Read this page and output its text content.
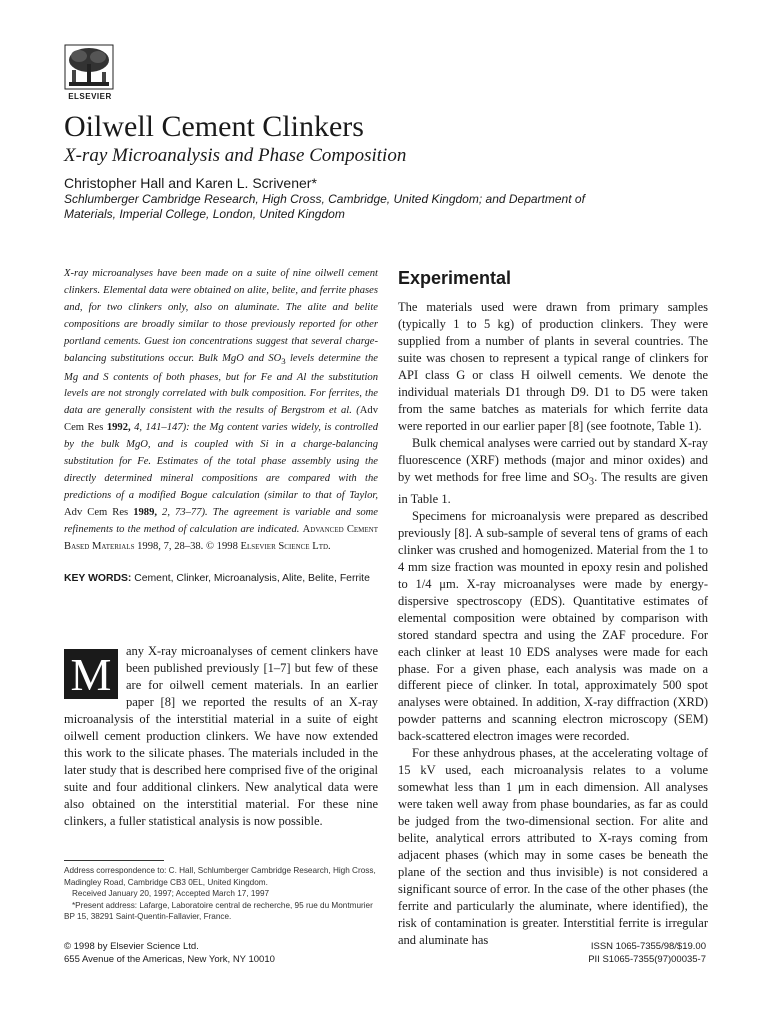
ELSEVIER
Oilwell Cement Clinkers
X-ray Microanalysis and Phase Composition
Christopher Hall and Karen L. Scrivener*
Schlumberger Cambridge Research, High Cross, Cambridge, United Kingdom; and Department of Materials, Imperial College, London, United Kingdom
X-ray microanalyses have been made on a suite of nine oilwell cement clinkers. Elemental data were obtained on alite, belite, and ferrite phases and, for two clinkers only, also on aluminate. The alite and belite compositions are broadly similar to those previously reported for other portland cements. Guest ion concentrations suggest that several charge-balancing substitutions occur. Bulk MgO and $SO_3$ levels determine the Mg and S contents of both phases, but for Fe and Al the substitution levels are not strongly correlated with bulk composition. For ferrites, the data are generally consistent with the results of Bergstrom et al. (Adv Cem Res 1992, 4, 141–147): the Mg content varies widely, is controlled by the bulk MgO, and is coupled with Si in a charge-balancing substitution for Fe. Estimates of the total phase assembly using the directly determined mineral compositions are compared with the predictions of a modified Bogue calculation (similar to that of Taylor, Adv Cem Res 1989, 2, 73–77). The agreement is variable and some refinements to the method of calculation are indicated. Advanced Cement Based Materials 1998, 7, 28–38. © 1998 Elsevier Science Ltd.
KEY WORDS: Cement, Clinker, Microanalysis, Alite, Belite, Ferrite
M	any X-ray microanalyses of cement clinkers have been published previously [1–7] but few of these are for oilwell cement materials. In an earlier paper [8] we reported the results of an X-ray microanalysis of the interstitial material in a suite of eight oilwell cement production clinkers. We have now extended this work to the silicate phases. The materials included in the later study that is described here comprised five of the original suite and four additional clinkers. New analytical data were also obtained on the interstitial material. For these nine clinkers, a fuller statistical analysis is now possible.

Address correspondence to: C. Hall, Schlumberger Cambridge Research, High Cross, Madingley Road, Cambridge CB3 0EL, United Kingdom.

Received January 20, 1997; Accepted March 17, 1997

*Present address: Lafarge, Laboratoire central de recherche, 95 rue du Montmurier BP 15, 38291 Saint-Quentin-Fallavier, France.

© 1998 by Elsevier Science Ltd.
655 Avenue of the Americas, New York, NY 10010
ISSN 1065-7355/98/$19.00
PII S1065-7355(97)00035-7
Experimental

The materials used were drawn from primary samples (typically 1 to 5 kg) of production clinkers. They were supplied from a number of plants in several countries. The suite was chosen to represent a typical range of clinkers for API class G or class H oilwell cements. We denote the individual materials D1 through D9. D1 to D5 were taken from the same batches as materials for which ferrite data were reported in our earlier paper [8] (see footnote, Table 1).

Bulk chemical analyses were carried out by standard X-ray fluorescence (XRF) methods (major and minor oxides) and by wet methods for free lime and $SO_3$. The results are given in Table 1.

Specimens for microanalysis were prepared as described previously [8]. A sub-sample of several tens of grams of each clinker was crushed and homogenized. Material from the 1 to 4 mm size fraction was mounted in epoxy resin and polished to 1/4 μm. X-ray microanalyses were made by energy-dispersive spectroscopy (EDS). Quantitative estimates of elemental composition were obtained by comparison with stored standard spectra and using the ZAF procedure. For each clinker at least 10 EDS analyses were made for each phase. For a given phase, each analysis was made on a different piece of clinker. In total, approximately 500 spot analyses were obtained. In addition, X-ray diffraction (XRD) powder patterns and scanning electron microscopy (SEM) back-scattered electron images were recorded.

For these anhydrous phases, at the accelerating voltage of 15 kV used, each microanalysis relates to a volume somewhat less than 1 μm in each dimension. All analyses were taken well away from phase boundaries, as far as could be judged from the two-dimensional section. For alite and belite, analytical errors attributed to X-rays coming from adjacent phases (which may in some cases be beneath the plane of the section and thus invisible) is not considered a significant source of error. In the case of the other phases (the ferrite and particularly the aluminate, where identified), the risk of contamination is greater. Interstitial ferrite is irregular and aluminate has
